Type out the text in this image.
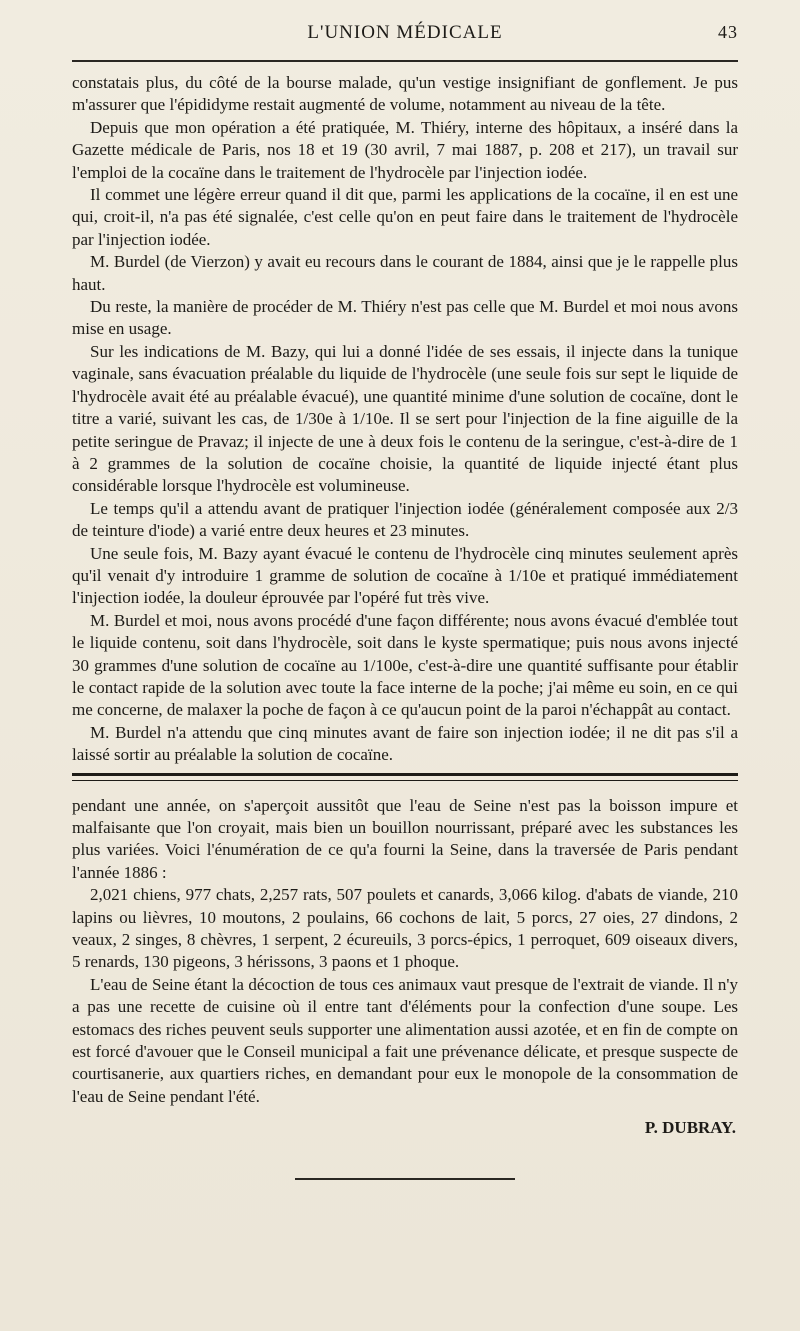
L'UNION MÉDICALE	43

constatais plus, du côté de la bourse malade, qu'un vestige insignifiant de gonflement. Je pus m'assurer que l'épididyme restait augmenté de volume, notamment au niveau de la tête.

Depuis que mon opération a été pratiquée, M. Thiéry, interne des hôpitaux, a inséré dans la Gazette médicale de Paris, nos 18 et 19 (30 avril, 7 mai 1887, p. 208 et 217), un travail sur l'emploi de la cocaïne dans le traitement de l'hydrocèle par l'injection iodée.

Il commet une légère erreur quand il dit que, parmi les applications de la cocaïne, il en est une qui, croit-il, n'a pas été signalée, c'est celle qu'on en peut faire dans le traitement de l'hydrocèle par l'injection iodée.

M. Burdel (de Vierzon) y avait eu recours dans le courant de 1884, ainsi que je le rappelle plus haut.

Du reste, la manière de procéder de M. Thiéry n'est pas celle que M. Burdel et moi nous avons mise en usage.

Sur les indications de M. Bazy, qui lui a donné l'idée de ses essais, il injecte dans la tunique vaginale, sans évacuation préalable du liquide de l'hydrocèle (une seule fois sur sept le liquide de l'hydrocèle avait été au préalable évacué), une quantité minime d'une solution de cocaïne, dont le titre a varié, suivant les cas, de 1/30e à 1/10e. Il se sert pour l'injection de la fine aiguille de la petite seringue de Pravaz; il injecte de une à deux fois le contenu de la seringue, c'est-à-dire de 1 à 2 grammes de la solution de cocaïne choisie, la quantité de liquide injecté étant plus considérable lorsque l'hydrocèle est volumineuse.

Le temps qu'il a attendu avant de pratiquer l'injection iodée (généralement composée aux 2/3 de teinture d'iode) a varié entre deux heures et 23 minutes.

Une seule fois, M. Bazy ayant évacué le contenu de l'hydrocèle cinq minutes seulement après qu'il venait d'y introduire 1 gramme de solution de cocaïne à 1/10e et pratiqué immédiatement l'injection iodée, la douleur éprouvée par l'opéré fut très vive.

M. Burdel et moi, nous avons procédé d'une façon différente; nous avons évacué d'emblée tout le liquide contenu, soit dans l'hydrocèle, soit dans le kyste spermatique; puis nous avons injecté 30 grammes d'une solution de cocaïne au 1/100e, c'est-à-dire une quantité suffisante pour établir le contact rapide de la solution avec toute la face interne de la poche; j'ai même eu soin, en ce qui me concerne, de malaxer la poche de façon à ce qu'aucun point de la paroi n'échappât au contact.

M. Burdel n'a attendu que cinq minutes avant de faire son injection iodée; il ne dit pas s'il a laissé sortir au préalable la solution de cocaïne.

pendant une année, on s'aperçoit aussitôt que l'eau de Seine n'est pas la boisson impure et malfaisante que l'on croyait, mais bien un bouillon nourrissant, préparé avec les substances les plus variées. Voici l'énumération de ce qu'a fourni la Seine, dans la traversée de Paris pendant l'année 1886 :

2,021 chiens, 977 chats, 2,257 rats, 507 poulets et canards, 3,066 kilog. d'abats de viande, 210 lapins ou lièvres, 10 moutons, 2 poulains, 66 cochons de lait, 5 porcs, 27 oies, 27 dindons, 2 veaux, 2 singes, 8 chèvres, 1 serpent, 2 écureuils, 3 porcs-épics, 1 perroquet, 609 oiseaux divers, 5 renards, 130 pigeons, 3 hérissons, 3 paons et 1 phoque.

L'eau de Seine étant la décoction de tous ces animaux vaut presque de l'extrait de viande. Il n'y a pas une recette de cuisine où il entre tant d'éléments pour la confection d'une soupe. Les estomacs des riches peuvent seuls supporter une alimentation aussi azotée, et en fin de compte on est forcé d'avouer que le Conseil municipal a fait une prévenance délicate, et presque suspecte de courtisanerie, aux quartiers riches, en demandant pour eux le monopole de la consommation de l'eau de Seine pendant l'été.

P. DUBRAY.
